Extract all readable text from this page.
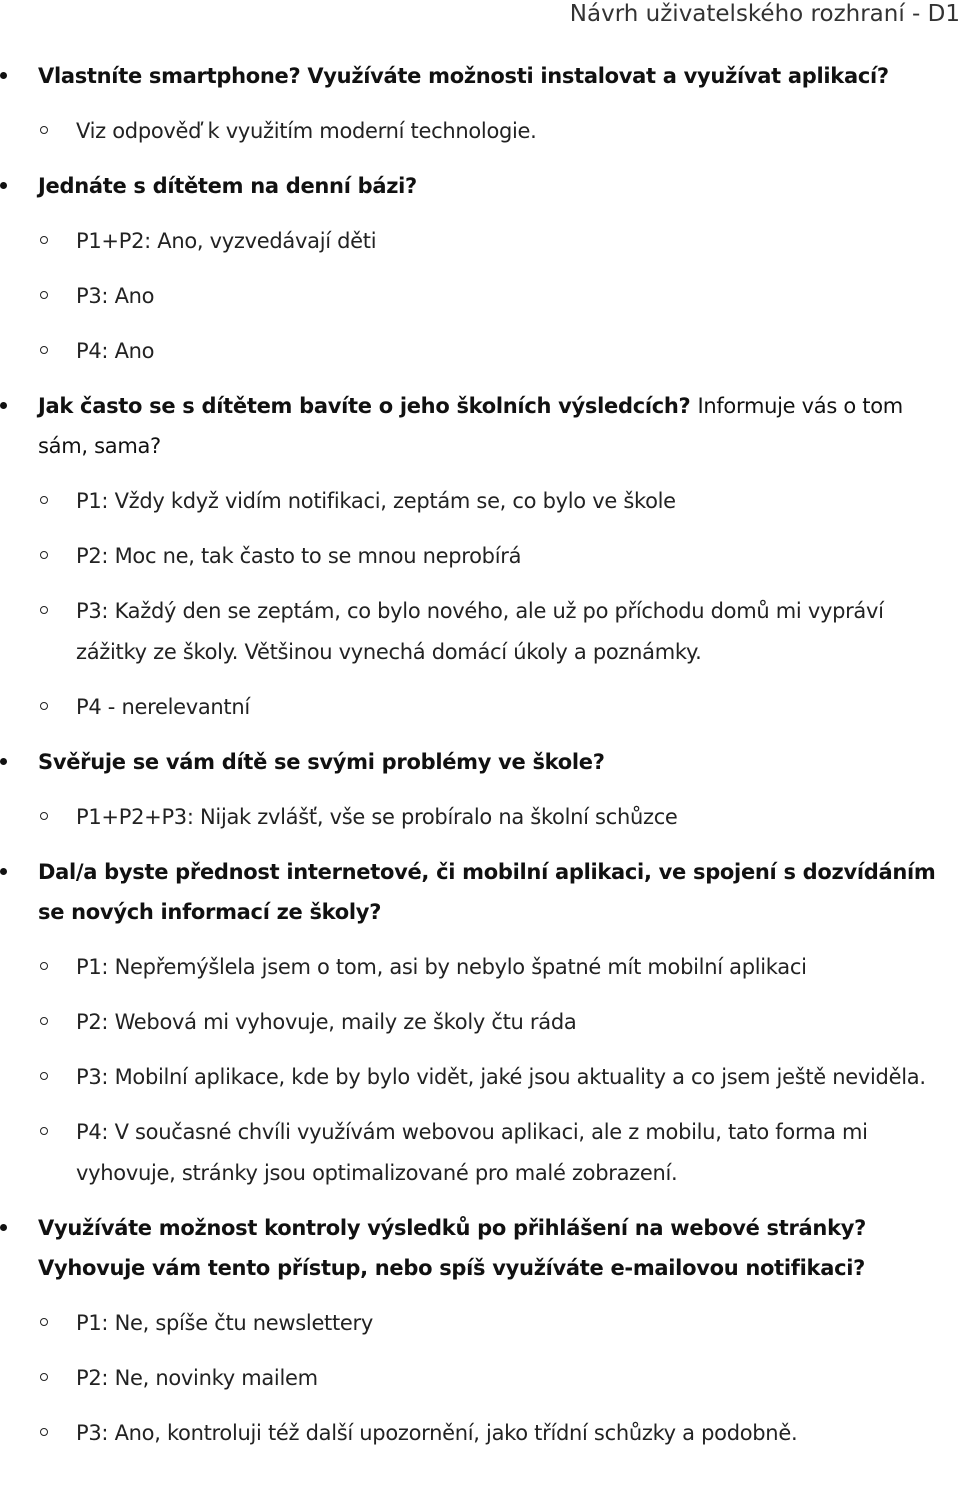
Návrh uživatelského rozhraní - D1
Vlastníte smartphone? Využíváte možnosti instalovat a využívat aplikací?
Viz odpověď k využitím moderní technologie.
Jednáte s dítětem na denní bázi?
P1+P2: Ano, vyzvedávají děti
P3: Ano
P4: Ano
Jak často se s dítětem bavíte o jeho školních výsledcích? Informuje vás o tom sám, sama?
P1: Vždy když vidím notifikaci, zeptám se, co bylo ve škole
P2: Moc ne, tak často to se mnou neprobírá
P3: Každý den se zeptám, co bylo nového, ale už po příchodu domů mi vypráví zážitky ze školy. Většinou vynechá domácí úkoly a poznámky.
P4 - nerelevantní
Svěřuje se vám dítě se svými problémy ve škole?
P1+P2+P3: Nijak zvlášť, vše se probíralo na školní schůzce
Dal/a byste přednost internetové, či mobilní aplikaci, ve spojení s dozvídáním se nových informací ze školy?
P1: Nepřemýšlela jsem o tom, asi by nebylo špatné mít mobilní aplikaci
P2: Webová mi vyhovuje, maily ze školy čtu ráda
P3: Mobilní aplikace, kde by bylo vidět, jaké jsou aktuality a co jsem ještě neviděla.
P4: V současné chvíli využívám webovou aplikaci, ale z mobilu, tato forma mi vyhovuje, stránky jsou optimalizované pro malé zobrazení.
Využíváte možnost kontroly výsledků po přihlášení na webové stránky? Vyhovuje vám tento přístup, nebo spíš využíváte e-mailovou notifikaci?
P1: Ne, spíše čtu newslettery
P2: Ne, novinky mailem
P3: Ano, kontroluji též další upozornění, jako třídní schůzky a podobně.
